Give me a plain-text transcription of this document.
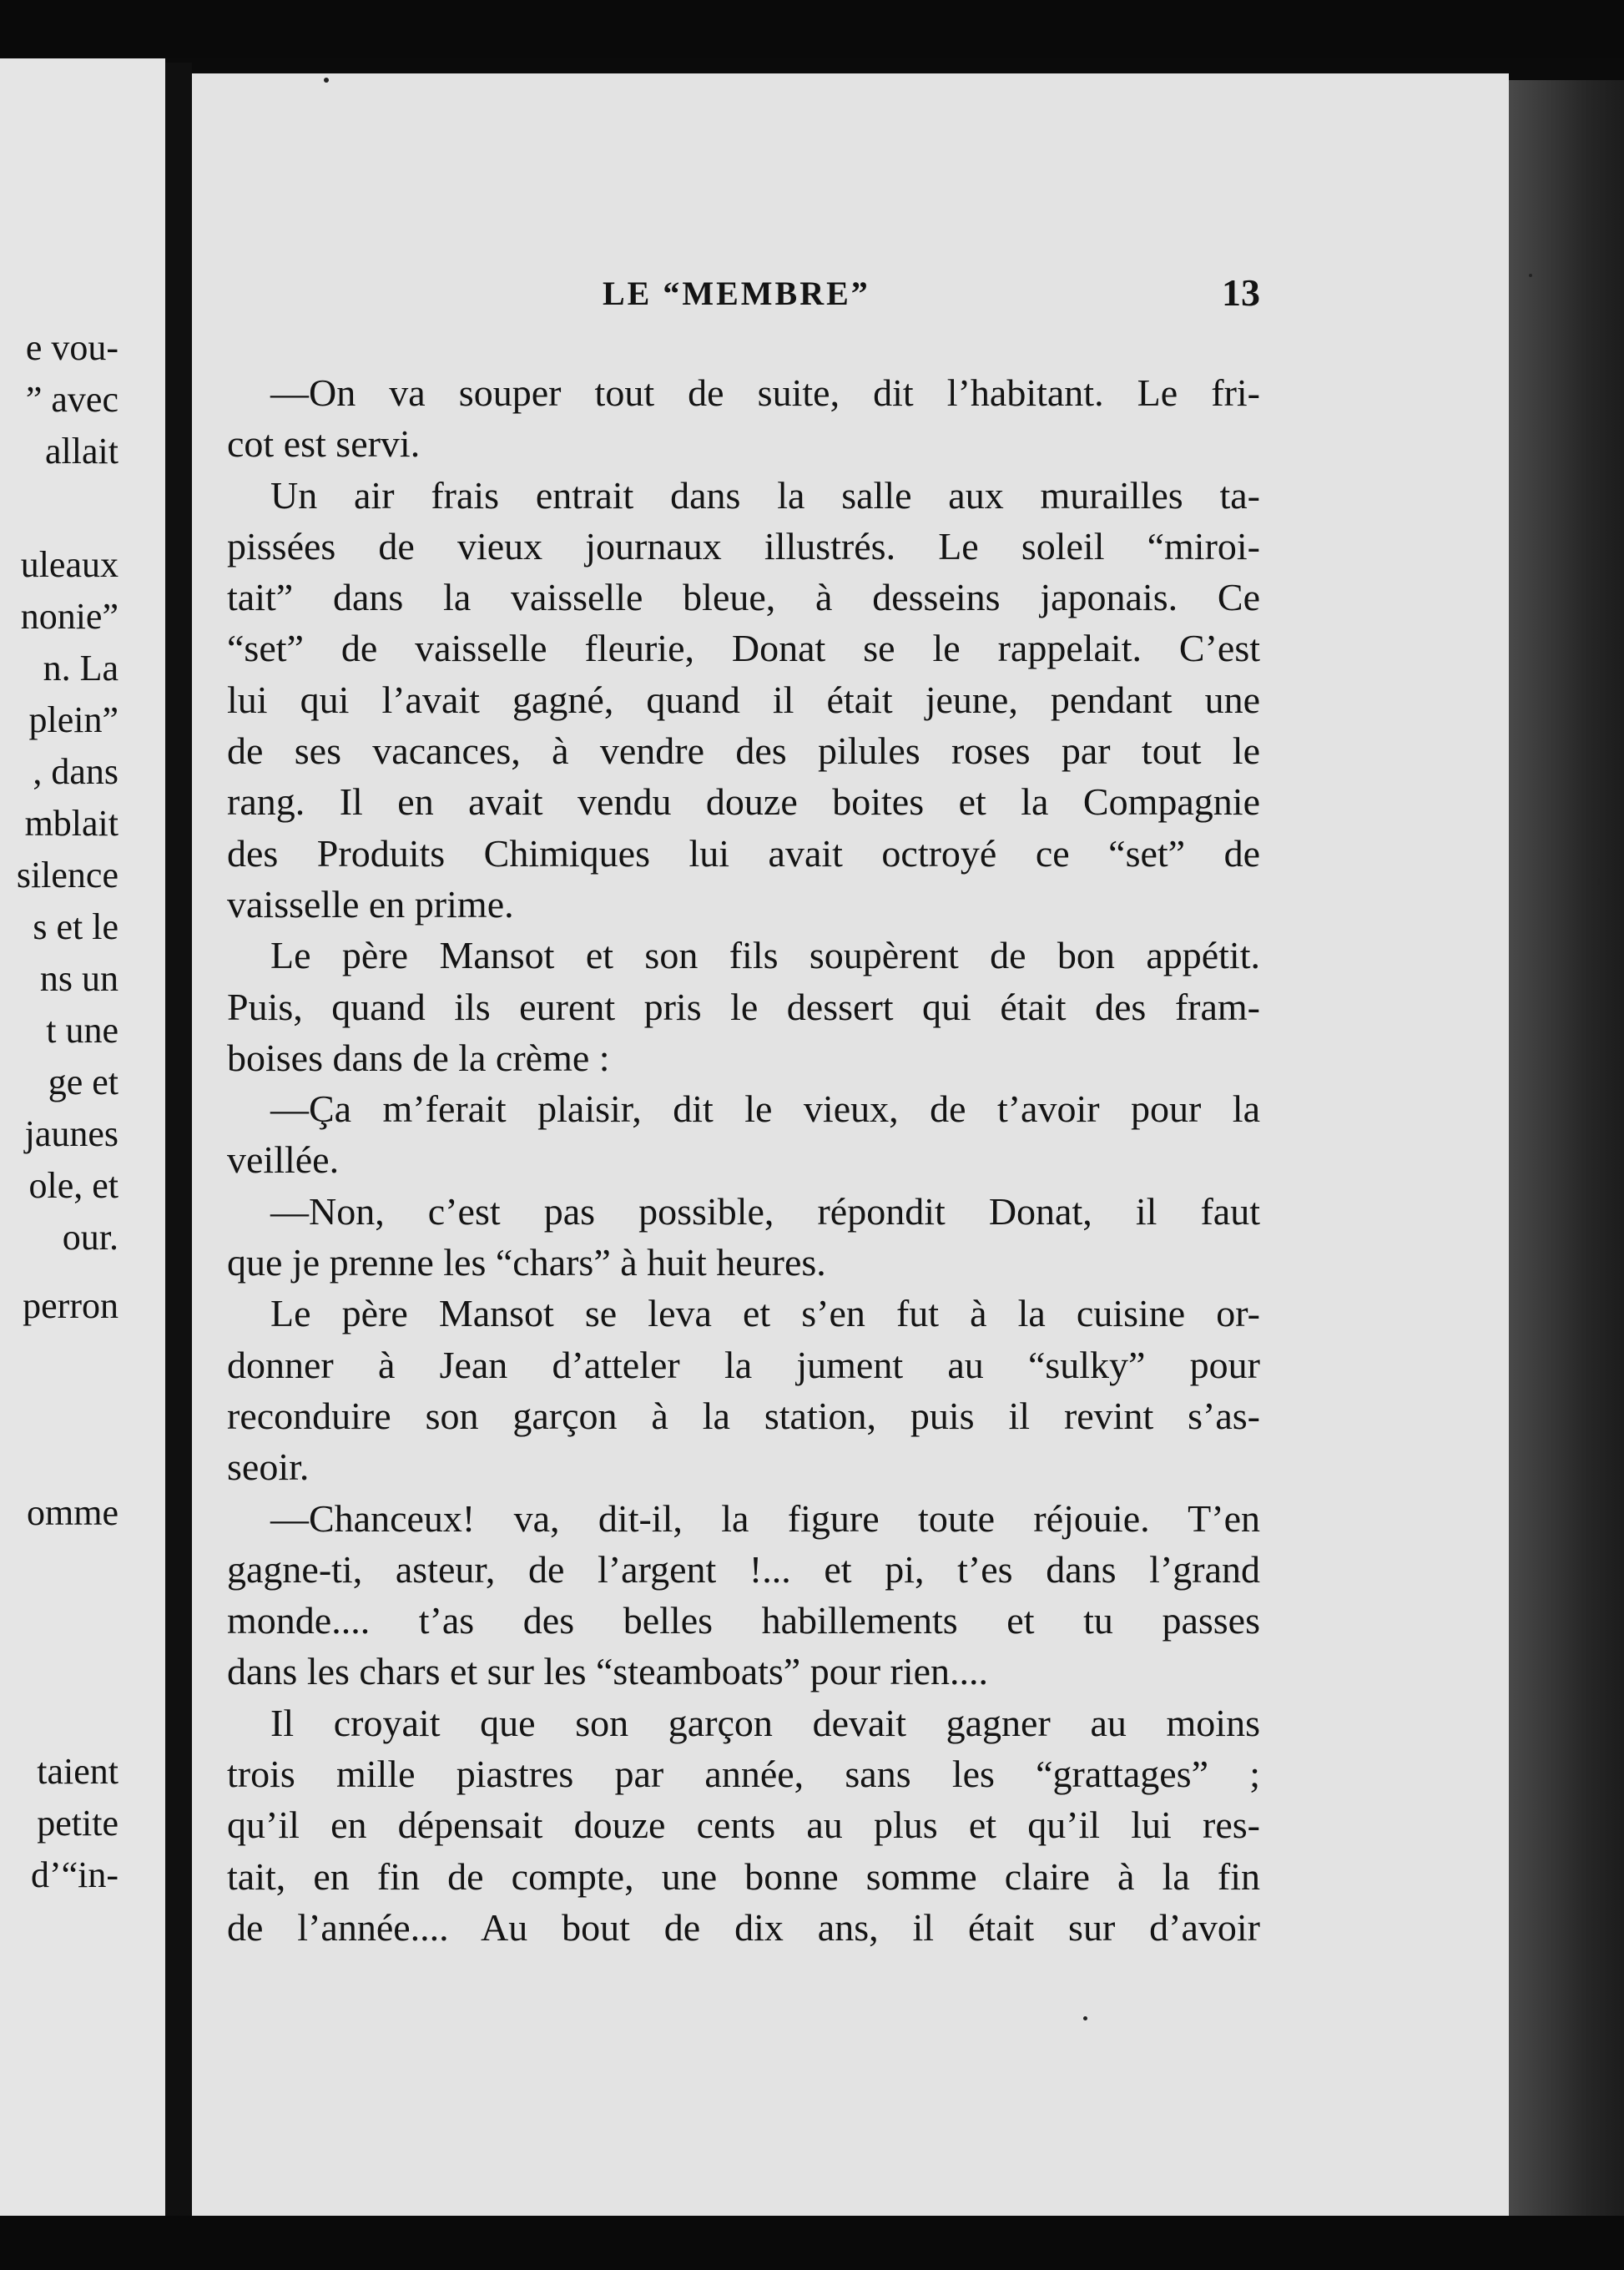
e vou-
” avec
allait
uleaux
nonie”
n. La
plein”
, dans
mblait
silence
s et le
ns un
t une
ge et
jaunes
ole, et
our.
perron
omme
taient
petite
d’“in-
LE “MEMBRE”	13
—On va souper tout de suite, dit l’habitant. Le fri-
cot est servi.
Un air frais entrait dans la salle aux murailles ta-
pissées de vieux journaux illustrés. Le soleil “miroi-
tait” dans la vaisselle bleue, à desseins japonais. Ce
“set” de vaisselle fleurie, Donat se le rappelait. C’est
lui qui l’avait gagné, quand il était jeune, pendant une
de ses vacances, à vendre des pilules roses par tout le
rang. Il en avait vendu douze boites et la Compagnie
des Produits Chimiques lui avait octroyé ce “set” de
vaisselle en prime.
Le père Mansot et son fils soupèrent de bon appétit.
Puis, quand ils eurent pris le dessert qui était des fram-
boises dans de la crème :
—Ça m’ferait plaisir, dit le vieux, de t’avoir pour la
veillée.
—Non, c’est pas possible, répondit Donat, il faut
que je prenne les “chars” à huit heures.
Le père Mansot se leva et s’en fut à la cuisine or-
donner à Jean d’atteler la jument au “sulky” pour
reconduire son garçon à la station, puis il revint s’as-
seoir.
—Chanceux! va, dit-il, la figure toute réjouie. T’en
gagne-ti, asteur, de l’argent !... et pi, t’es dans l’grand
monde.... t’as des belles habillements et tu passes
dans les chars et sur les “steamboats” pour rien....
Il croyait que son garçon devait gagner au moins
trois mille piastres par année, sans les “grattages” ;
qu’il en dépensait douze cents au plus et qu’il lui res-
tait, en fin de compte, une bonne somme claire à la fin
de l’année.... Au bout de dix ans, il était sur d’avoir
